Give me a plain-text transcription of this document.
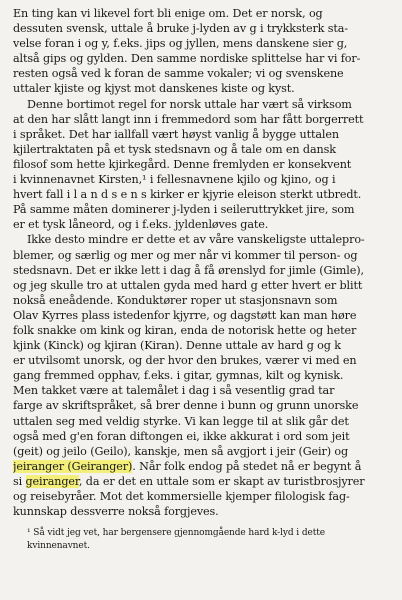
En ting kan vi likevel fort bli enige om. Det er norsk, og
dessuten svensk, uttale å bruke j-lyden av g i trykksterk sta-
velse foran i og y, f.eks. jips og jyllen, mens danskene sier g,
altså gips og gylden. Den samme nordiske splittelse har vi for-
resten også ved k foran de samme vokaler; vi og svenskene
uttaler kjiste og kjyst mot danskenes kiste og kyst.

Denne bortimot regel for norsk uttale har vært så virksom
at den har slått langt inn i fremmedord som har fått borgerrett
i språket. Det har iallfall vært høyst vanlig å bygge uttalen
kjilertraktaten på et tysk stedsnavn og å tale om en dansk
filosof som hette kjirkegård. Denne fremlyden er konsekvent
i kvinnenavnet Kirsten,¹ i fellesnavnene kjilo og kjino, og i
hvert fall i l a n d s e n s kirker er kjyrie eleison sterkt utbredt.
På samme måten dominerer j-lyden i seileruttrykket jire, som
er et tysk låneord, og i f.eks. jyldenløves gate.

Ikke desto mindre er dette et av våre vanskeligste uttalepro-
blemer, og særlig og mer og mer når vi kommer til person- og
stedsnavn. Det er ikke lett i dag å få ørenslyd for jimle (Gimle),
og jeg skulle tro at uttalen gyda med hard g etter hvert er blitt
nokså eneådende. Konduktører roper ut stasjonsnavn som
Olav Kyrres plass istedenfor kjyrre, og dagstøtt kan man høre
folk snakke om kink og kiran, enda de notorisk hette og heter
kjink (Kinck) og kjiran (Kiran). Denne uttale av hard g og k
er utvilsomt unorsk, og der hvor den brukes, værer vi med en
gang fremmed opphav, f.eks. i gitar, gymnas, kilt og kynisk.
Men takket være at talemålet i dag i så vesentlig grad tar
farge av skriftspråket, så brer denne i bunn og grunn unorske
uttalen seg med veldig styrke. Vi kan legge til at slik går det
også med g'en foran diftongen ei, ikke akkurat i ord som jeit
(geit) og jeilo (Geilo), kanskje, men så avgjort i jeir (Geir) og
jeiranger (Geiranger). Når folk endog på stedet nå er begynt å
si geiranger, da er det en uttale som er skapt av turistbrosjyrer
og reisebyråer. Mot det kommersielle kjemper filologisk fag-
kunnskap dessverre nokså forgjeves.

¹ Så vidt jeg vet, har bergensere gjennomgående hard k-lyd i dette
kvinnenavnet.
